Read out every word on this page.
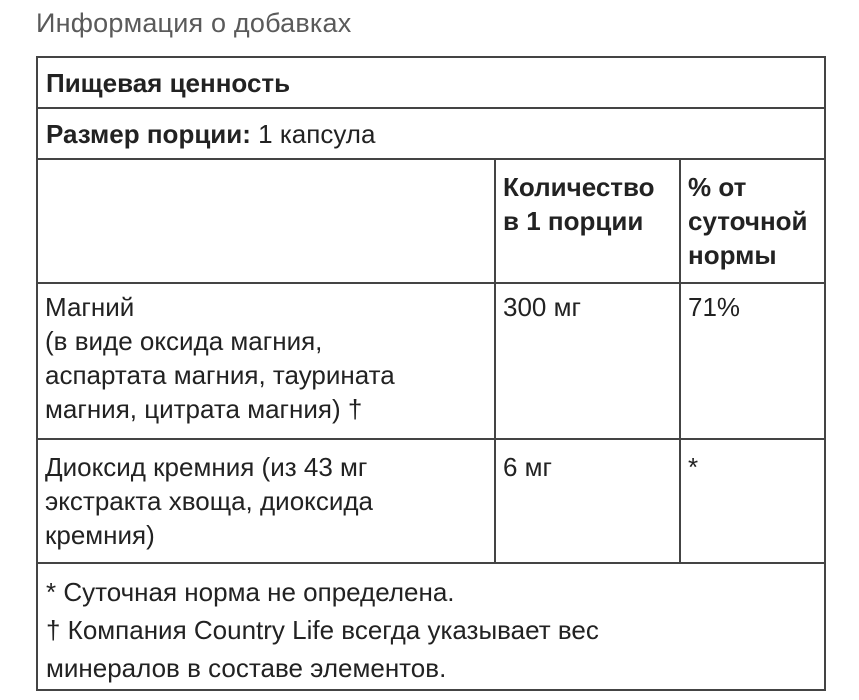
Информация о добавках
Пищевая ценность
Размер порции: 1 капсула
Количество
в 1 порции
% от
суточной
нормы
Магний
(в виде оксида магния,
аспартата магния, таурината
магния, цитрата магния) †
300 мг	71%
Диоксид кремния (из 43 мг
экстракта хвоща, диоксида
кремния)
6 мг	*
* Суточная норма не определена.
† Компания Country Life всегда указывает вес
минералов в составе элементов.
